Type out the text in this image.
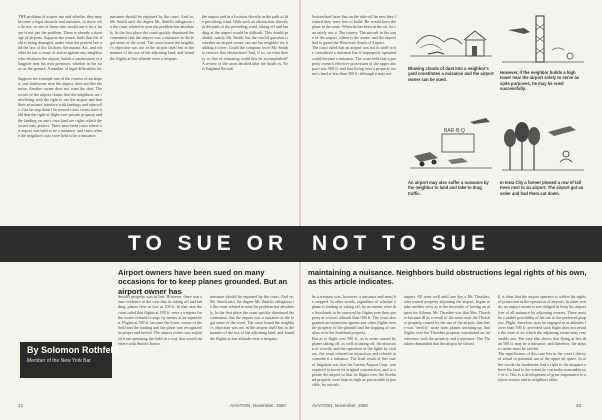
THE problem of airport use and whether they may become a legal obstacle and nuisance, or those who do not, or one of those who would use it for a future is not just the problem. There is already a shortage of airports. Suppose the owner finds that the field is being damaged, under what the present law and the law of the Uniform Aeronautic Act, and whether he has a cause of action against any neighbor who obstructs the airport, builds a smokestack or a flagpole near his own premises, whether in the air or on the ground. A number of legal difficulties fac

Suppose for example one of the owners of an airport, one landowner near the airport, does not like the noise. Another owner does not want the dust. The owner of the airport claims that the neighbors are interfering with the right to use the airport and that their structures interfere with landings and take-offs. Can he stop them? In several cases courts have held that the right of flight over private property and the landing on one's own land are rights which the owner may protect. There have been cases where an airport was held to be a nuisance, and cases where the neighbor's acts were held to be a nuisance.

nuisance should be enjoined by the court. And so, Mr. Smith said, the degree Mr. Smith's obligation to the court related to treat the problem but absolutely. In the first place the court quickly dismissed the contention that the airport was a nuisance in the legal sense of the word. The court found the neighbor's objection was not in the airport itself but in the manner of the use of the adjoining land, and found the flights at low altitude were a trespass.

the airport and in a location directly in the path of the prevailing wind. With such an obstruction directly in the path of the prevailing wind, taking off and landing at the airport would be difficult. This would probably satisfy Mr. Smith, but the crucial question is whether an airport owner can sue his neighbor for building a tower. Could the company force Mr. Smith to remove that obstruction? And, if so, on what theory or line of reasoning could this be accomplished? A review of the cases decided after the South vs. New England Aircraft

Switzerland have that on the take-off he sees they learned they were free to build. He would have the plane in the zone. When he has been in the air, he can safely use it. The county. The aircraft in the zone of the airport, where is the owner and the airport had to guard the Worcester South of Airport.

The court ruled that an airport was not in itself to be considered a nuisance but if improperly operated could become a nuisance. The court held that a property owner's effective possession of the upper airspace was 500 ft. and that flying over a property owner's land at less than 500 ft. although it may not

Blowing clouds of dust into a neighbor's yard constitutes a nuisance and the airport owner can be sued.
However, if the neighbor builds a high tower near the airport solely to serve as spite purposes, he may be sued successfully.
BAR·B·Q
An airport may also suffer a nuisance by the neighbor to land and take to drag traffic.
In Iowa City a farmer plowed a row of tall trees next to an airport. The airport got an order and had them cut down.
TO SUE OR NOT TO SUE
Airport owners have been sued on many occasions for to keep planes grounded. But an airport owner has
maintaining a nuisance. Neighbors build obstructions legal rights of his own, as this article indicates.

Smith's property was in line. However, there was some evidence in the case that its taking off and landing, planes flew as low as 100 ft. In that case the court ruled that flights at 100 ft. were a trespass for the owner refused to stop, by means of an injunction. Flights at 500 ft. because the lower course of the field and the landing and the plane was recognized as proper and lawful. The airport owner was enjoined from operating the field in a way that would interfere with Smith's house.

nuisance should be enjoined by the court. And so, Mr. Smith said, the degree Mr. Smith's obligation to the court related to treat the problem but absolutely. In the first place the court quickly dismissed the contention that the airport was a nuisance in the legal sense of the word. The court found the neighbor's objection was not in the airport itself but in the manner of the use of the adjoining land, and found the flights at low altitude were a trespass.

be a trespass was, however, a nuisance and must be stopped. In other words, regardless of whether a plane is landing or taking off, by no means were the Swetlands to be annoyed by flights over their property at a lower altitude than 500 ft. The court also granted an injunction against any other flights over the property of the plaintiff and the hopping of circulars over the Swetland property.

But as to flight over 500 ft., as to noise caused by planes taking off, as well as taking off, the attraction of crowds, and the operation of the lights by visitors, the court refused an injunction and refused to consider it a nuisance. The final result of this case of litigation was that the Curtiss Airport Corp. was required to move its original construction, and to operate the airport so that its flights over the Swetland property were kept as high as practicable or possible, by aircraft.

airport. All went well until one day a Mr. Thrasher, who owned property adjoining the airport, began to take another view as to the necessity of having an airport for Atlanta. Mr. Thrasher was that Mrs. Thrasher became ill as a result of the noise near the Thrasher property caused by the use of the airport, that there was "terrific" noise from planes warming up, that flights over the Thrasher property constituted an interference with the property and a nuisance. The Thrashers demanded that the airport be closed.

It is clear that the airport operator is within his rights of protection in the operation of airports. In other words, an airport owner is not obliged to keep his airport free of all nuisance by adjoining owners. There must be a usable possibility of his use to the preferred purpose. Flight, therefore, may be engaged in at altitudes lower than 500 ft. provided such flight does not invade the zone of air which the adjoining owner may reasonably use. The case also shows that flying at less than 500 ft. may be a nuisance, and therefore, the airport owner must be careful.

The significance of this case lies in the court's theory of actual or potential use of the upper air space. In other words the landowner had a right to the airspace above his land to the extent he can make reasonable use of it. This is a development of great importance to airport owners and to neighbors alike.

By Solomon Rothfeld
Member of the New York Bar
42	AVIATION, November, 1950	AVIATION, November, 1950	43
